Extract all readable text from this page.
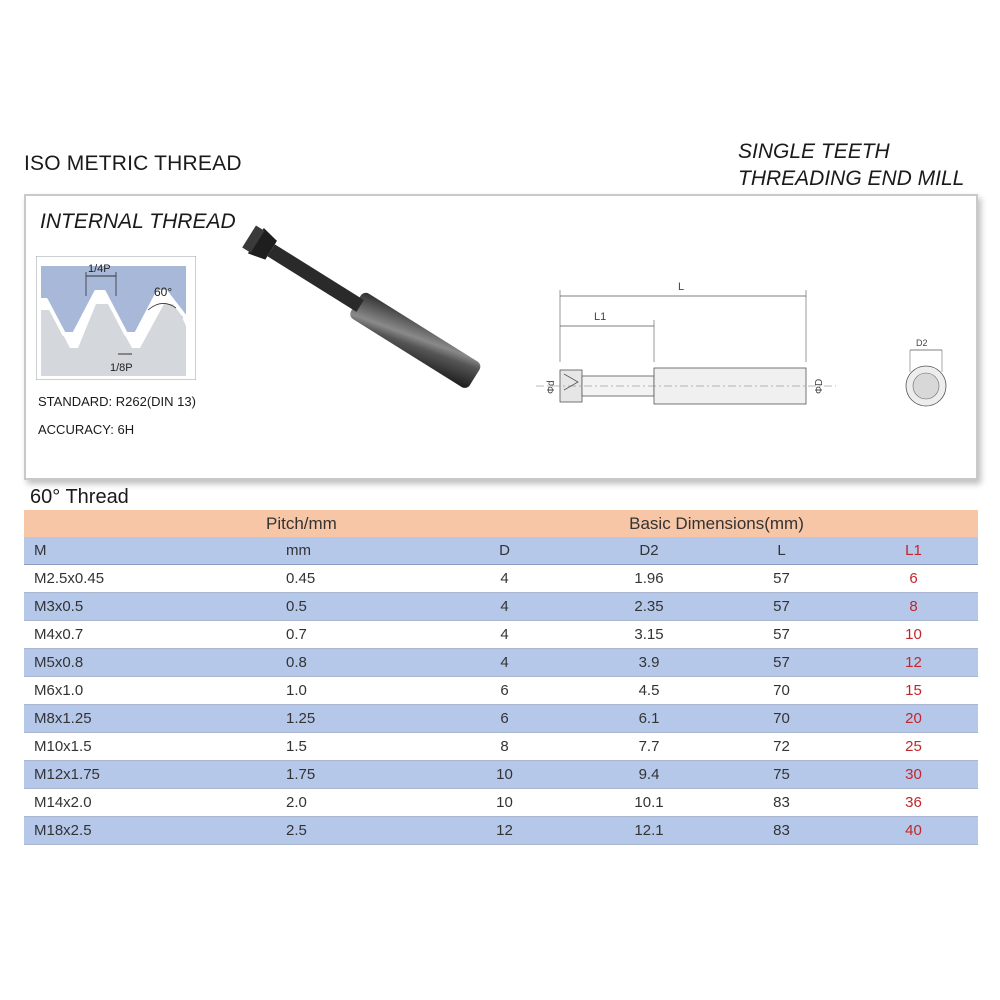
ISO METRIC THREAD
SINGLE TEETH
THREADING END MILL
INTERNAL THREAD
1/4P
1/8P
60°
STANDARD: R262(DIN 13)
ACCURACY: 6H
L
L1
Φd	ΦD
D2
60° Thread
	Pitch/mm		Basic Dimensions(mm)		
M	mm	D	D2	L	L1
M2.5x0.45	0.45	4	1.96	57	6
M3x0.5	0.5	4	2.35	57	8
M4x0.7	0.7	4	3.15	57	10
M5x0.8	0.8	4	3.9	57	12
M6x1.0	1.0	6	4.5	70	15
M8x1.25	1.25	6	6.1	70	20
M10x1.5	1.5	8	7.7	72	25
M12x1.75	1.75	10	9.4	75	30
M14x2.0	2.0	10	10.1	83	36
M18x2.5	2.5	12	12.1	83	40
